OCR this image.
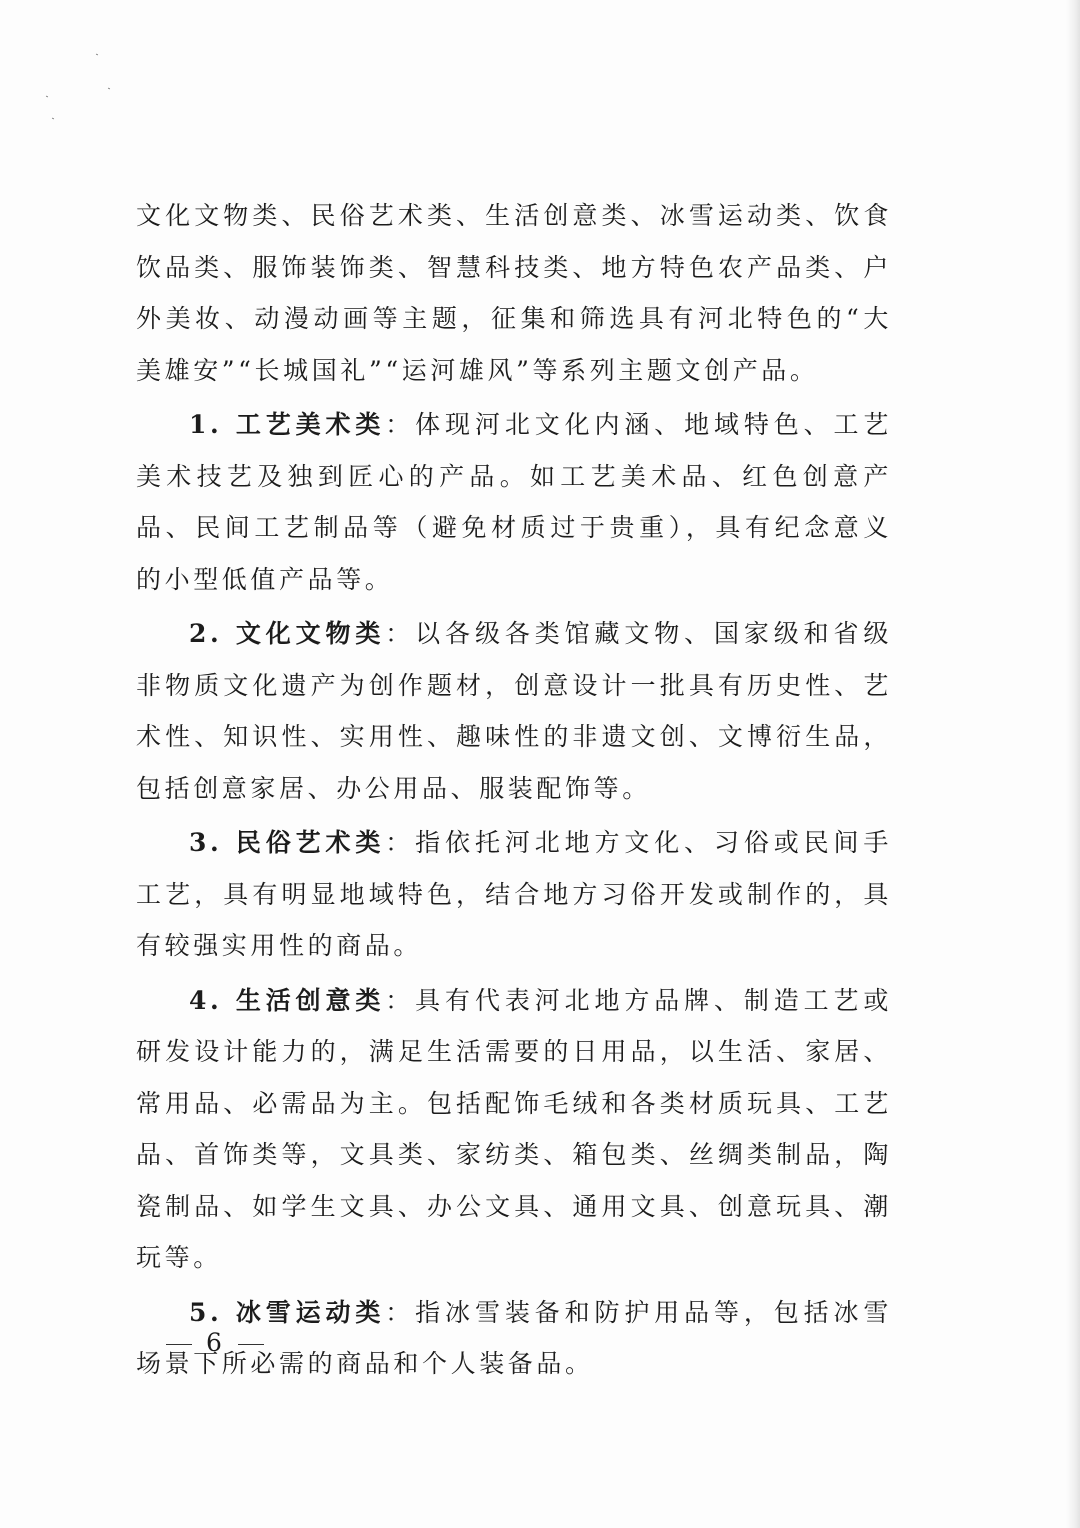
文化文物类、民俗艺术类、生活创意类、冰雪运动类、饮食饮品类、服饰装饰类、智慧科技类、地方特色农产品类、户外美妆、动漫动画等主题，征集和筛选具有河北特色的“大美雄安”“长城国礼”“运河雄风”等系列主题文创产品。

1. 工艺美术类：体现河北文化内涵、地域特色、工艺美术技艺及独到匠心的产品。如工艺美术品、红色创意产品、民间工艺制品等（避免材质过于贵重），具有纪念意义的小型低值产品等。

2. 文化文物类：以各级各类馆藏文物、国家级和省级非物质文化遗产为创作题材，创意设计一批具有历史性、艺术性、知识性、实用性、趣味性的非遗文创、文博衍生品，包括创意家居、办公用品、服装配饰等。

3. 民俗艺术类：指依托河北地方文化、习俗或民间手工艺，具有明显地域特色，结合地方习俗开发或制作的，具有较强实用性的商品。

4. 生活创意类：具有代表河北地方品牌、制造工艺或研发设计能力的，满足生活需要的日用品，以生活、家居、常用品、必需品为主。包括配饰毛绒和各类材质玩具、工艺品、首饰类等，文具类、家纺类、箱包类、丝绸类制品，陶瓷制品、如学生文具、办公文具、通用文具、创意玩具、潮玩等。

5. 冰雪运动类：指冰雪装备和防护用品等，包括冰雪场景下所必需的商品和个人装备品。

6
